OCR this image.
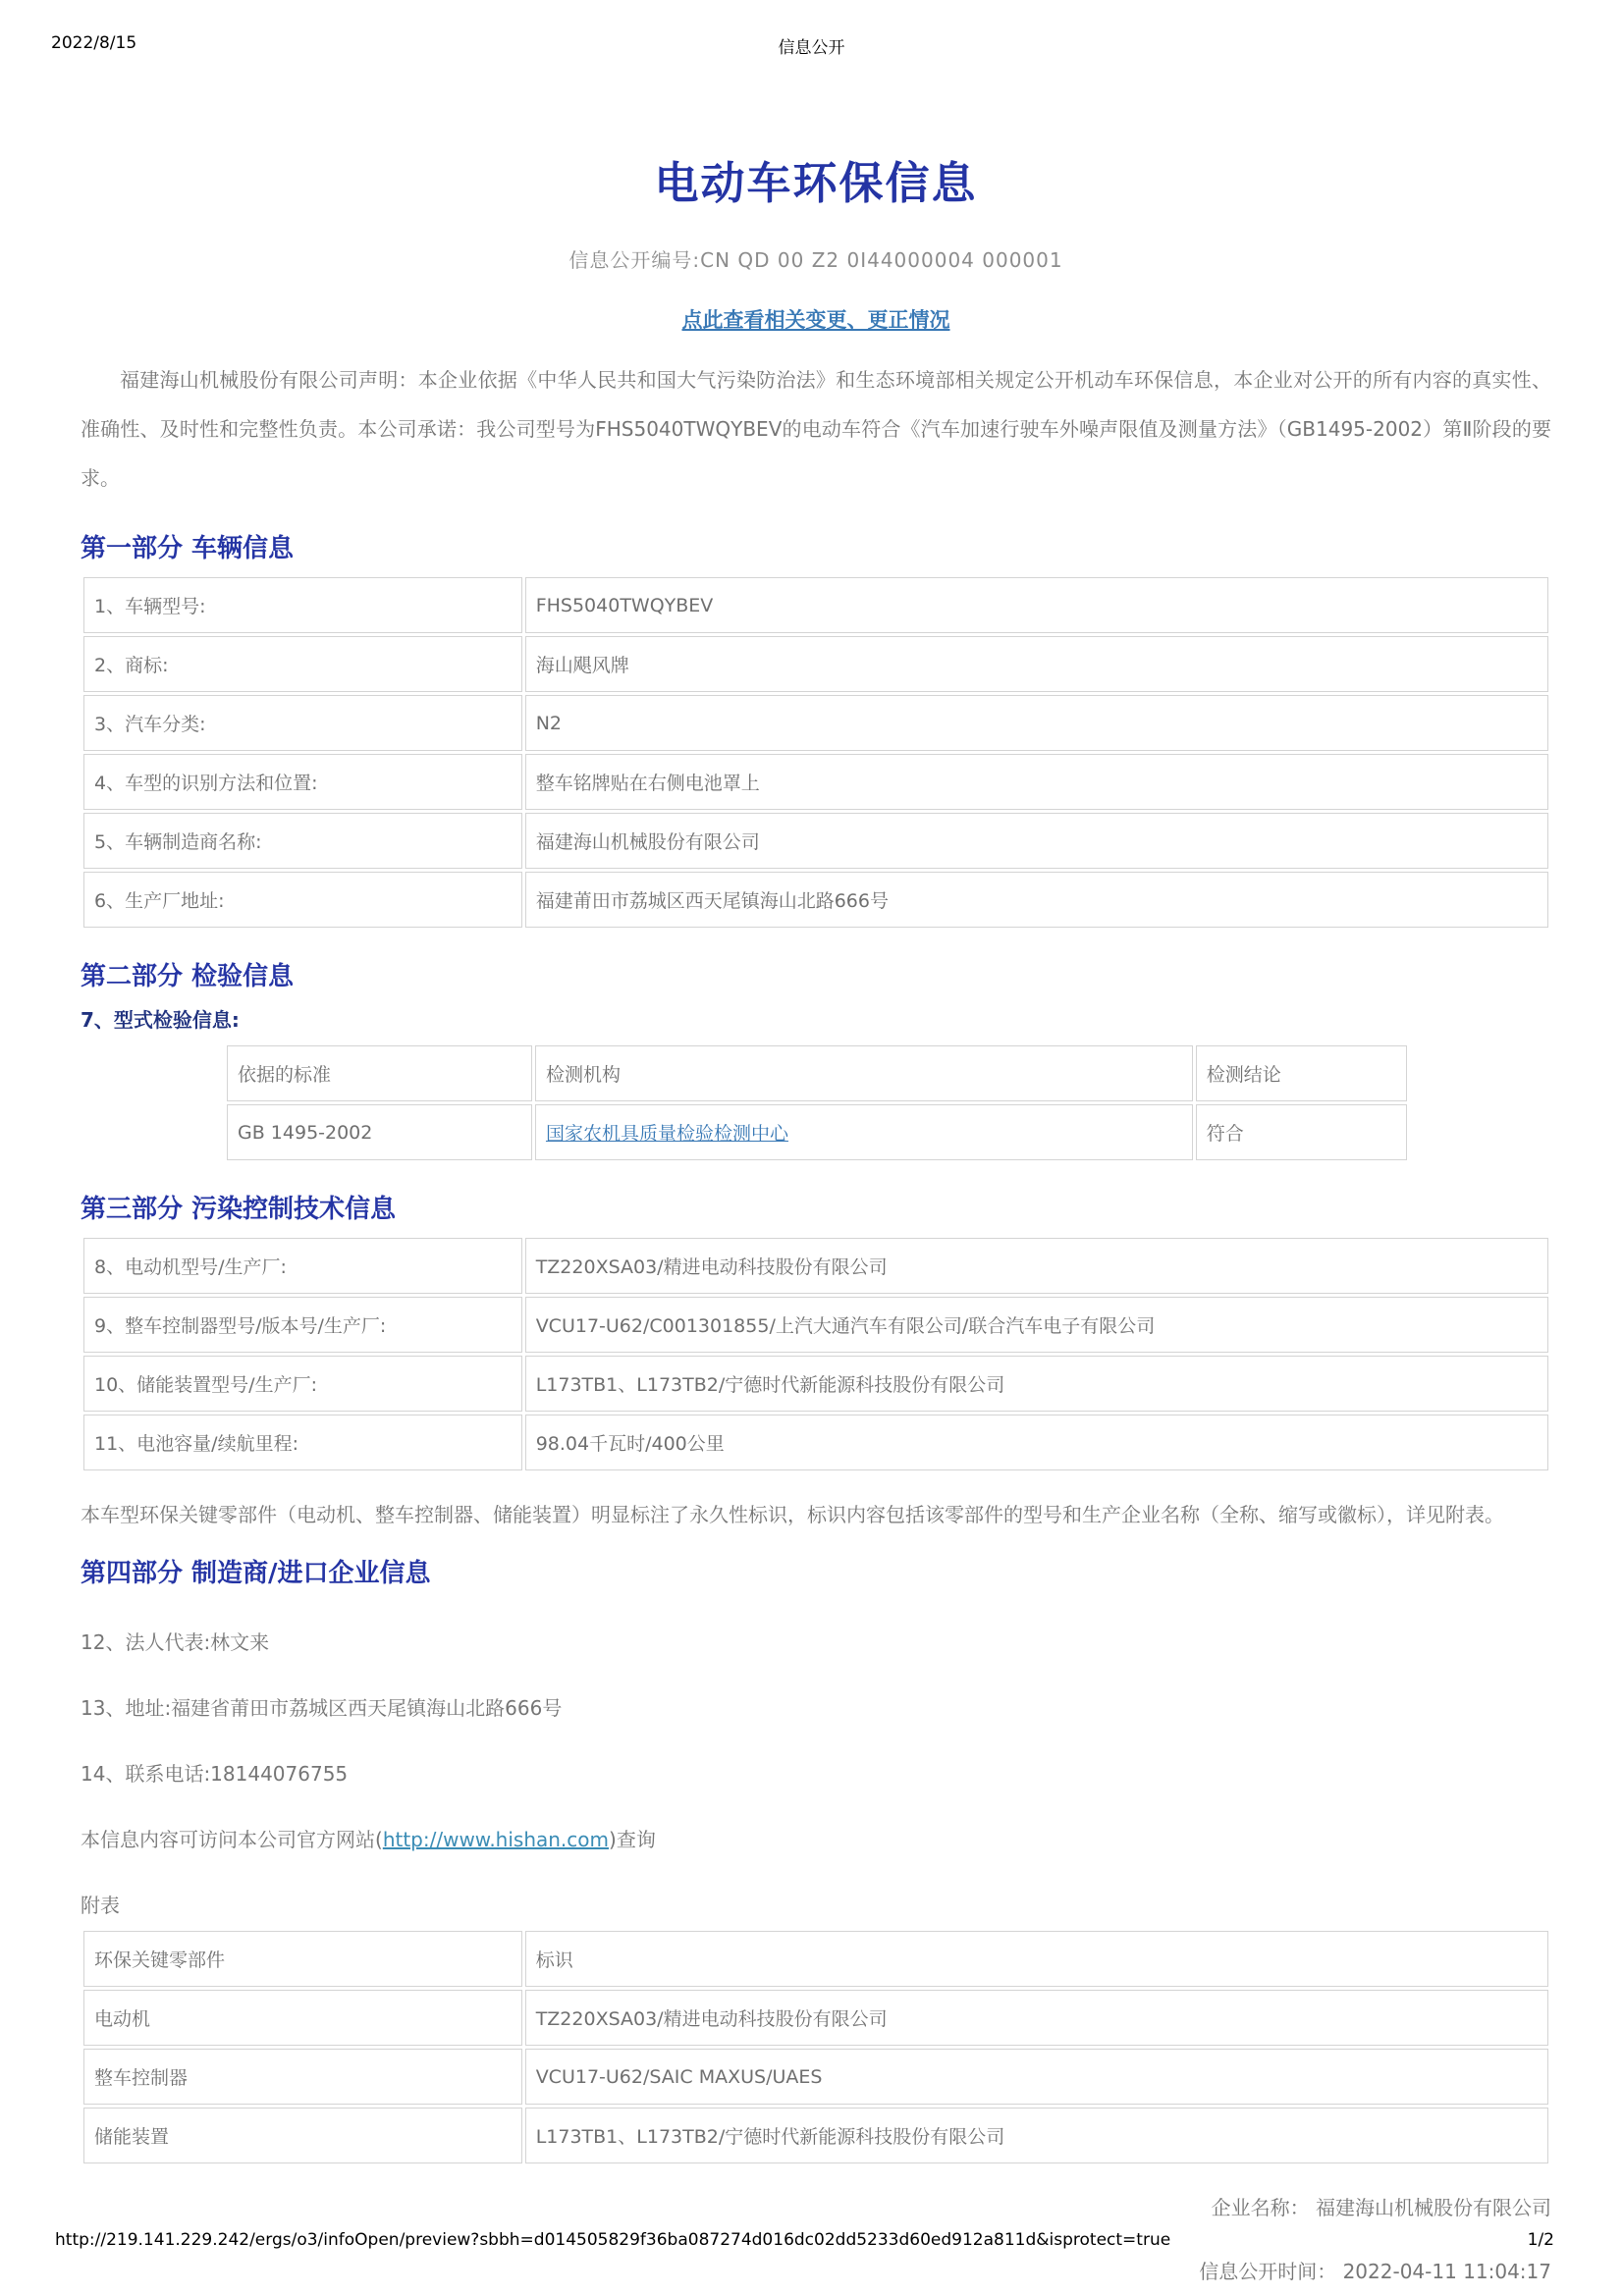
2022/8/15	信息公开
电动车环保信息
信息公开编号:CN QD 00 Z2 0I44000004 000001
点此查看相关变更、更正情况

福建海山机械股份有限公司声明：本企业依据《中华人民共和国大气污染防治法》和生态环境部相关规定公开机动车环保信息，本企业对公开的所有内容的真实性、准确性、及时性和完整性负责。本公司承诺：我公司型号为FHS5040TWQYBEV的电动车符合《汽车加速行驶车外噪声限值及测量方法》（GB1495-2002）第Ⅱ阶段的要求。

第一部分 车辆信息
1、车辆型号:	FHS5040TWQYBEV
2、商标:	海山飓风牌
3、汽车分类:	N2
4、车型的识别方法和位置:	整车铭牌贴在右侧电池罩上
5、车辆制造商名称:	福建海山机械股份有限公司
6、生产厂地址:	福建莆田市荔城区西天尾镇海山北路666号
第二部分 检验信息
7、型式检验信息:
依据的标准	检测机构	检测结论
GB 1495-2002	国家农机具质量检验检测中心	符合
第三部分 污染控制技术信息
8、电动机型号/生产厂:	TZ220XSA03/精进电动科技股份有限公司
9、整车控制器型号/版本号/生产厂:	VCU17-U62/C001301855/上汽大通汽车有限公司/联合汽车电子有限公司
10、储能装置型号/生产厂:	L173TB1、L173TB2/宁德时代新能源科技股份有限公司
11、电池容量/续航里程:	98.04千瓦时/400公里

本车型环保关键零部件（电动机、整车控制器、储能装置）明显标注了永久性标识，标识内容包括该零部件的型号和生产企业名称（全称、缩写或徽标），详见附表。

第四部分 制造商/进口企业信息
12、法人代表:林文来
13、地址:福建省莆田市荔城区西天尾镇海山北路666号
14、联系电话:18144076755
本信息内容可访问本公司官方网站(http://www.hishan.com)查询
附表
环保关键零部件	标识
电动机	TZ220XSA03/精进电动科技股份有限公司
整车控制器	VCU17-U62/SAIC MAXUS/UAES
储能装置	L173TB1、L173TB2/宁德时代新能源科技股份有限公司
企业名称： 福建海山机械股份有限公司
信息公开时间： 2022-04-11 11:04:17
http://219.141.229.242/ergs/o3/infoOpen/preview?sbbh=d014505829f36ba087274d016dc02dd5233d60ed912a811d&isprotect=true	1/2
